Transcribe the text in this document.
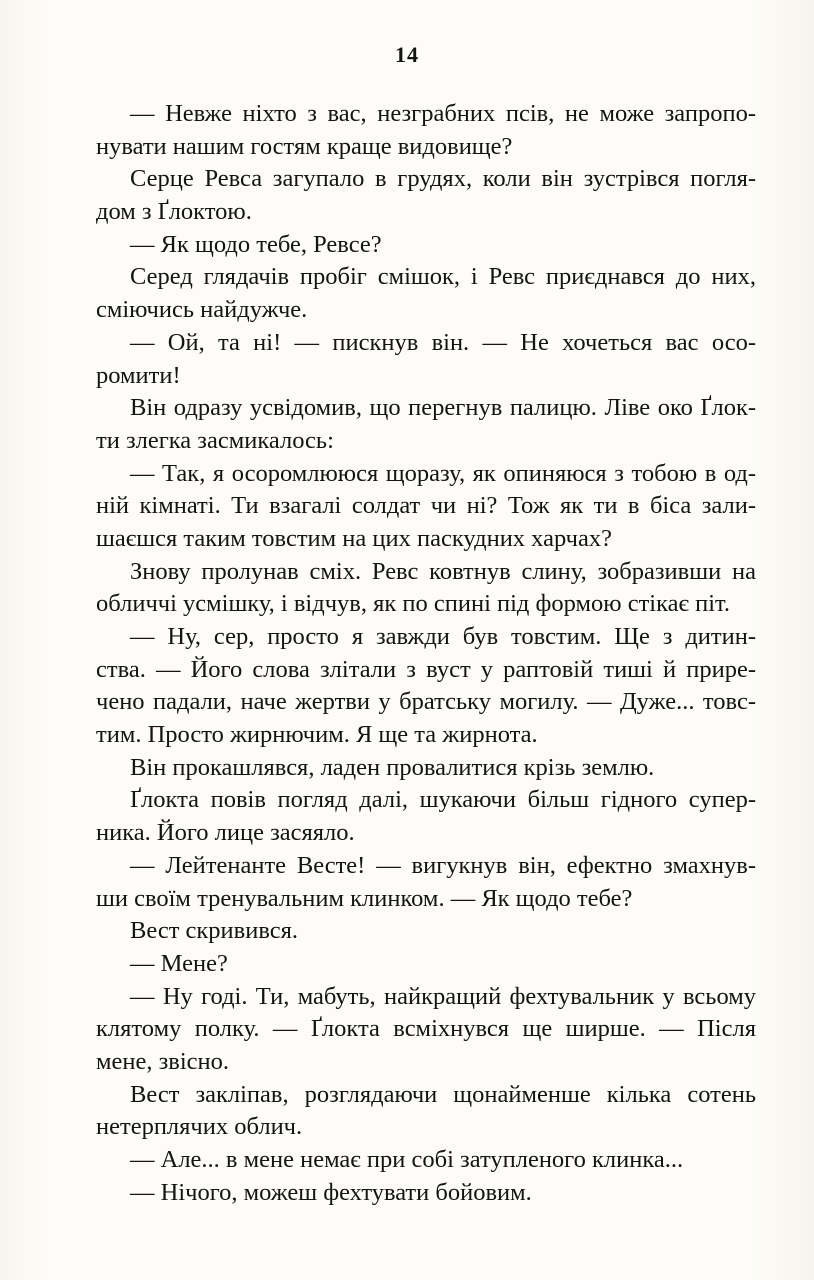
14
— Невже ніхто з вас, незграбних псів, не може запропо-
нувати нашим гостям краще видовище?
Серце Ревса загупало в грудях, коли він зустрівся погля-
дом з Ґлоктою.
— Як щодо тебе, Ревсе?
Серед глядачів пробіг смішок, і Ревс приєднався до них,
сміючись найдужче.
— Ой, та ні! — пискнув він. — Не хочеться вас осо-
ромити!
Він одразу усвідомив, що перегнув палицю. Ліве око Ґлок-
ти злегка засмикалось:
— Так, я осоромлююся щоразу, як опиняюся з тобою в од-
ній кімнаті. Ти взагалі солдат чи ні? Тож як ти в біса зали-
шаєшся таким товстим на цих паскудних харчах?
Знову пролунав сміх. Ревс ковтнув слину, зобразивши на
обличчі усмішку, і відчув, як по спині під формою стікає піт.
— Ну, сер, просто я завжди був товстим. Ще з дитин-
ства. — Його слова злітали з вуст у раптовій тиші й прире-
чено падали, наче жертви у братську могилу. — Дуже... товс-
тим. Просто жирнючим. Я ще та жирнота.
Він прокашлявся, ладен провалитися крізь землю.
Ґлокта повів погляд далі, шукаючи більш гідного супер-
ника. Його лице засяяло.
— Лейтенанте Весте! — вигукнув він, ефектно змахнув-
ши своїм тренувальним клинком. — Як щодо тебе?
Вест скривився.
— Мене?
— Ну годі. Ти, мабуть, найкращий фехтувальник у всьому
клятому полку. — Ґлокта всміхнувся ще ширше. — Після
мене, звісно.
Вест закліпав, розглядаючи щонайменше кілька сотень
нетерплячих облич.
— Але... в мене немає при собі затупленого клинка...
— Нічого, можеш фехтувати бойовим.
